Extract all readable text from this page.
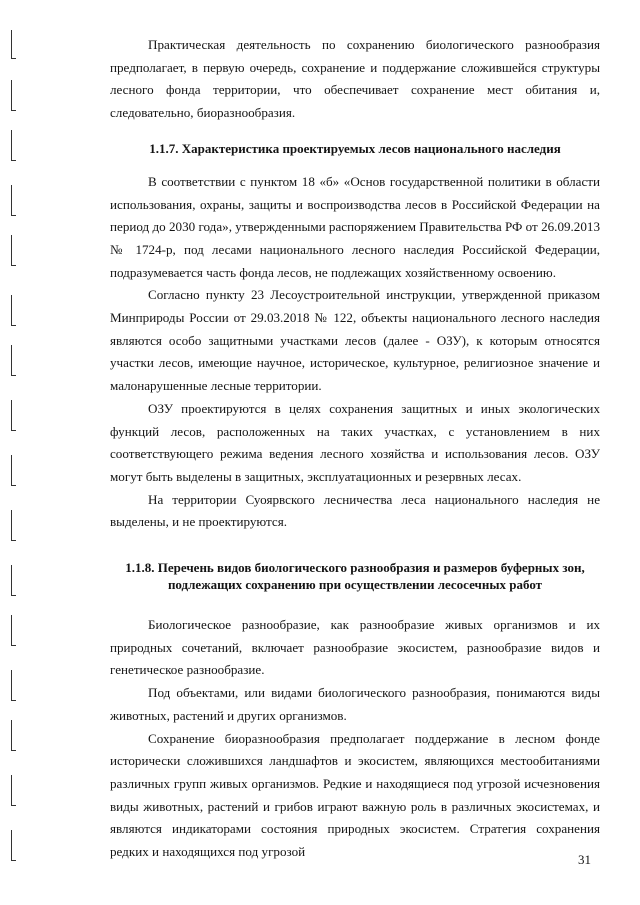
Практическая деятельность по сохранению биологического разнообразия предполагает, в первую очередь, сохранение и поддержание сложившейся структуры лесного фонда территории, что обеспечивает сохранение мест обитания и, следовательно, биоразнообразия.

1.1.7. Характеристика проектируемых лесов национального наследия

В соответствии с пунктом 18 «б» «Основ государственной политики в области использования, охраны, защиты и воспроизводства лесов в Российской Федерации на период до 2030 года», утвержденными распоряжением Правительства РФ от 26.09.2013 № 1724-р, под лесами национального лесного наследия Российской Федерации, подразумевается часть фонда лесов, не подлежащих хозяйственному освоению.

Согласно пункту 23 Лесоустроительной инструкции, утвержденной приказом Минприроды России от 29.03.2018 № 122, объекты национального лесного наследия являются особо защитными участками лесов (далее - ОЗУ), к которым относятся участки лесов, имеющие научное, историческое, культурное, религиозное значение и малонарушенные лесные территории.

ОЗУ проектируются в целях сохранения защитных и иных экологических функций лесов, расположенных на таких участках, с установлением в них соответствующего режима ведения лесного хозяйства и использования лесов. ОЗУ могут быть выделены в защитных, эксплуатационных и резервных лесах.

На территории Суоярвского лесничества леса национального наследия не выделены, и не проектируются.

1.1.8. Перечень видов биологического разнообразия и размеров буферных зон,

подлежащих сохранению при осуществлении лесосечных работ

Биологическое разнообразие, как разнообразие живых организмов и их природных сочетаний, включает разнообразие экосистем, разнообразие видов и генетическое разнообразие.

Под объектами, или видами биологического разнообразия, понимаются виды животных, растений и других организмов.

Сохранение биоразнообразия предполагает поддержание в лесном фонде исторически сложившихся ландшафтов и экосистем, являющихся местообитаниями различных групп живых организмов. Редкие и находящиеся под угрозой исчезновения виды животных, растений и грибов играют важную роль в различных экосистемах, и являются индикаторами состояния природных экосистем. Стратегия сохранения редких и находящихся под угрозой

31
